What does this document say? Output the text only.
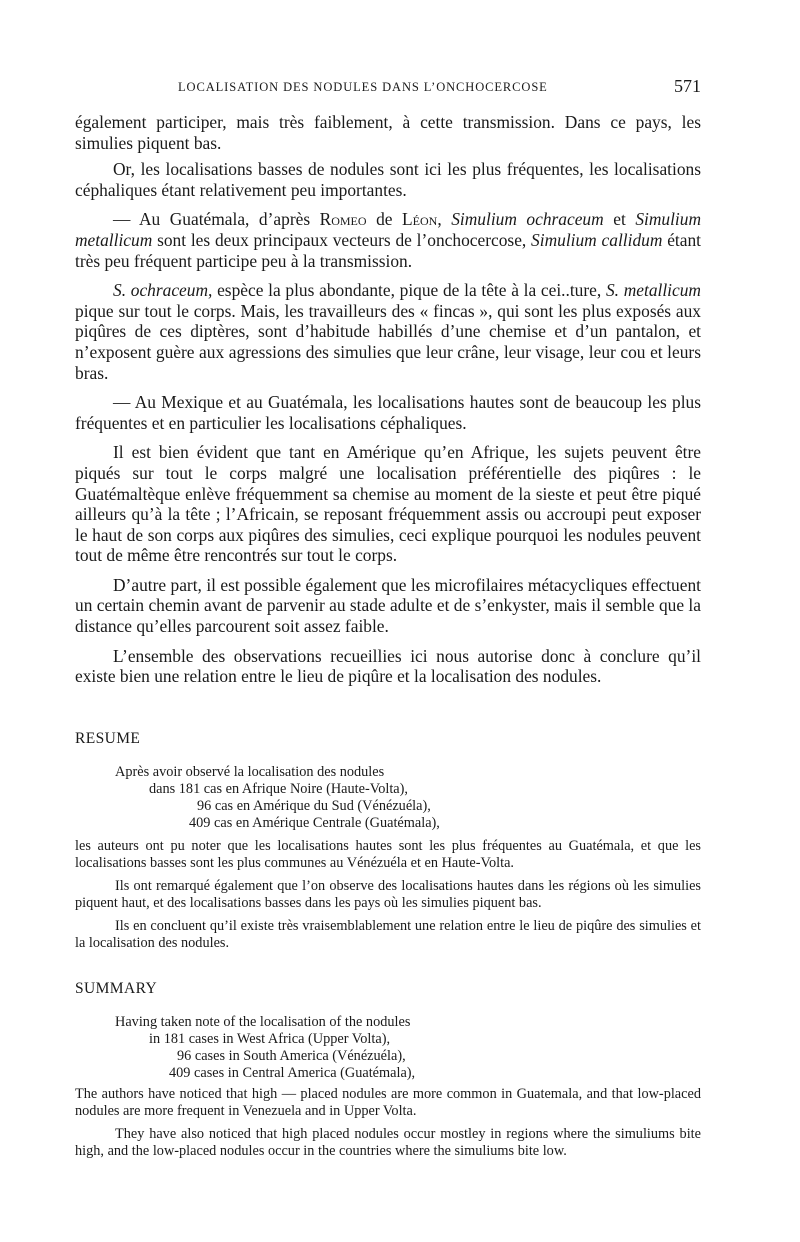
LOCALISATION DES NODULES DANS L’ONCHOCERCOSE	571

également participer, mais très faiblement, à cette transmission. Dans ce pays, les simulies piquent bas.

Or, les localisations basses de nodules sont ici les plus fréquentes, les localisations céphaliques étant relativement peu importantes.

— Au Guatémala, d’après Romeo de Léon, Simulium ochraceum et Simulium metallicum sont les deux principaux vecteurs de l’onchocercose, Simulium callidum étant très peu fréquent participe peu à la transmission.

S. ochraceum, espèce la plus abondante, pique de la tête à la cei..ture, S. metallicum pique sur tout le corps. Mais, les travailleurs des « fincas », qui sont les plus exposés aux piqûres de ces diptères, sont d’habitude habillés d’une chemise et d’un pantalon, et n’exposent guère aux agressions des simulies que leur crâne, leur visage, leur cou et leurs bras.

— Au Mexique et au Guatémala, les localisations hautes sont de beaucoup les plus fréquentes et en particulier les localisations céphaliques.

Il est bien évident que tant en Amérique qu’en Afrique, les sujets peuvent être piqués sur tout le corps malgré une localisation préférentielle des piqûres : le Guatémaltèque enlève fréquemment sa chemise au moment de la sieste et peut être piqué ailleurs qu’à la tête ; l’Africain, se reposant fréquemment assis ou accroupi peut exposer le haut de son corps aux piqûres des simulies, ceci explique pourquoi les nodules peuvent tout de même être rencontrés sur tout le corps.

D’autre part, il est possible également que les microfilaires métacycliques effectuent un certain chemin avant de parvenir au stade adulte et de s’enkyster, mais il semble que la distance qu’elles parcourent soit assez faible.

L’ensemble des observations recueillies ici nous autorise donc à conclure qu’il existe bien une relation entre le lieu de piqûre et la localisation des nodules.

RESUME
Après avoir observé la localisation des nodules
dans 181 cas en Afrique Noire (Haute-Volta),
96 cas en Amérique du Sud (Vénézuéla),
409 cas en Amérique Centrale (Guatémala),

les auteurs ont pu noter que les localisations hautes sont les plus fréquentes au Guatémala, et que les localisations basses sont les plus communes au Vénézuéla et en Haute-Volta.

Ils ont remarqué également que l’on observe des localisations hautes dans les régions où les simulies piquent haut, et des localisations basses dans les pays où les simulies piquent bas.

Ils en concluent qu’il existe très vraisemblablement une relation entre le lieu de piqûre des simulies et la localisation des nodules.

SUMMARY
Having taken note of the localisation of the nodules
in 181 cases in West Africa (Upper Volta),
96 cases in South America (Vénézuéla),
409 cases in Central America (Guatémala),

The authors have noticed that high — placed nodules are more common in Guatemala, and that low-placed nodules are more frequent in Venezuela and in Upper Volta.

They have also noticed that high placed nodules occur mostley in regions where the simuliums bite high, and the low-placed nodules occur in the countries where the simuliums bite low.
